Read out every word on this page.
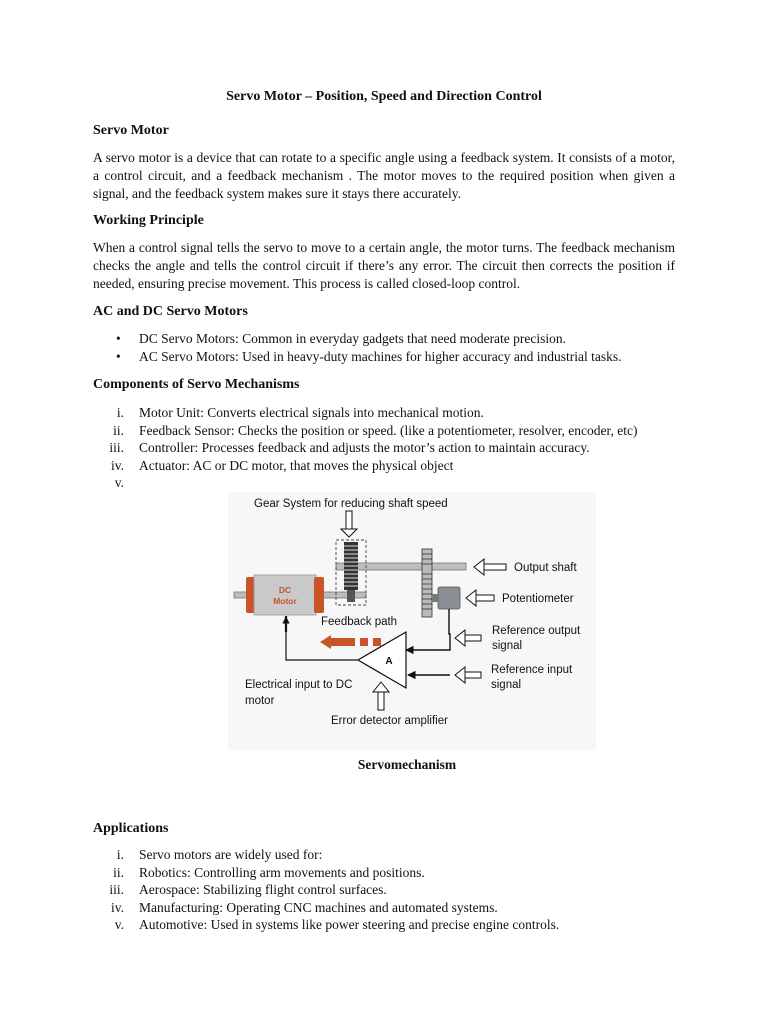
Servo Motor – Position, Speed and Direction Control
Servo Motor
A servo motor is a device that can rotate to a specific angle using a feedback system. It consists of a motor, a control circuit, and a feedback mechanism . The motor moves to the required position when given a signal, and the feedback system makes sure it stays there accurately.
Working Principle
When a control signal tells the servo to move to a certain angle, the motor turns. The feedback mechanism checks the angle and tells the control circuit if there’s any error. The circuit then corrects the position if needed, ensuring precise movement. This process is called closed-loop control.
AC and DC Servo Motors
• DC Servo Motors: Common in everyday gadgets that need moderate precision.
• AC Servo Motors: Used in heavy-duty machines for higher accuracy and industrial tasks.
Components of Servo Mechanisms
i. Motor Unit: Converts electrical signals into mechanical motion.
ii. Feedback Sensor: Checks the position or speed. (like a potentiometer, resolver, encoder, etc)
iii. Controller: Processes feedback and adjusts the motor’s action to maintain accuracy.
iv. Actuator: AC or DC motor, that moves the physical object
v.
Gear System for reducing shaft speed
DC
Motor
Output shaft
Potentiometer
Feedback path
A
Reference output
signal
Reference input
signal
Electrical input to DC
motor
Error detector amplifier
Servomechanism
Applications
i. Servo motors are widely used for:
ii. Robotics: Controlling arm movements and positions.
iii. Aerospace: Stabilizing flight control surfaces.
iv. Manufacturing: Operating CNC machines and automated systems.
v. Automotive: Used in systems like power steering and precise engine controls.
